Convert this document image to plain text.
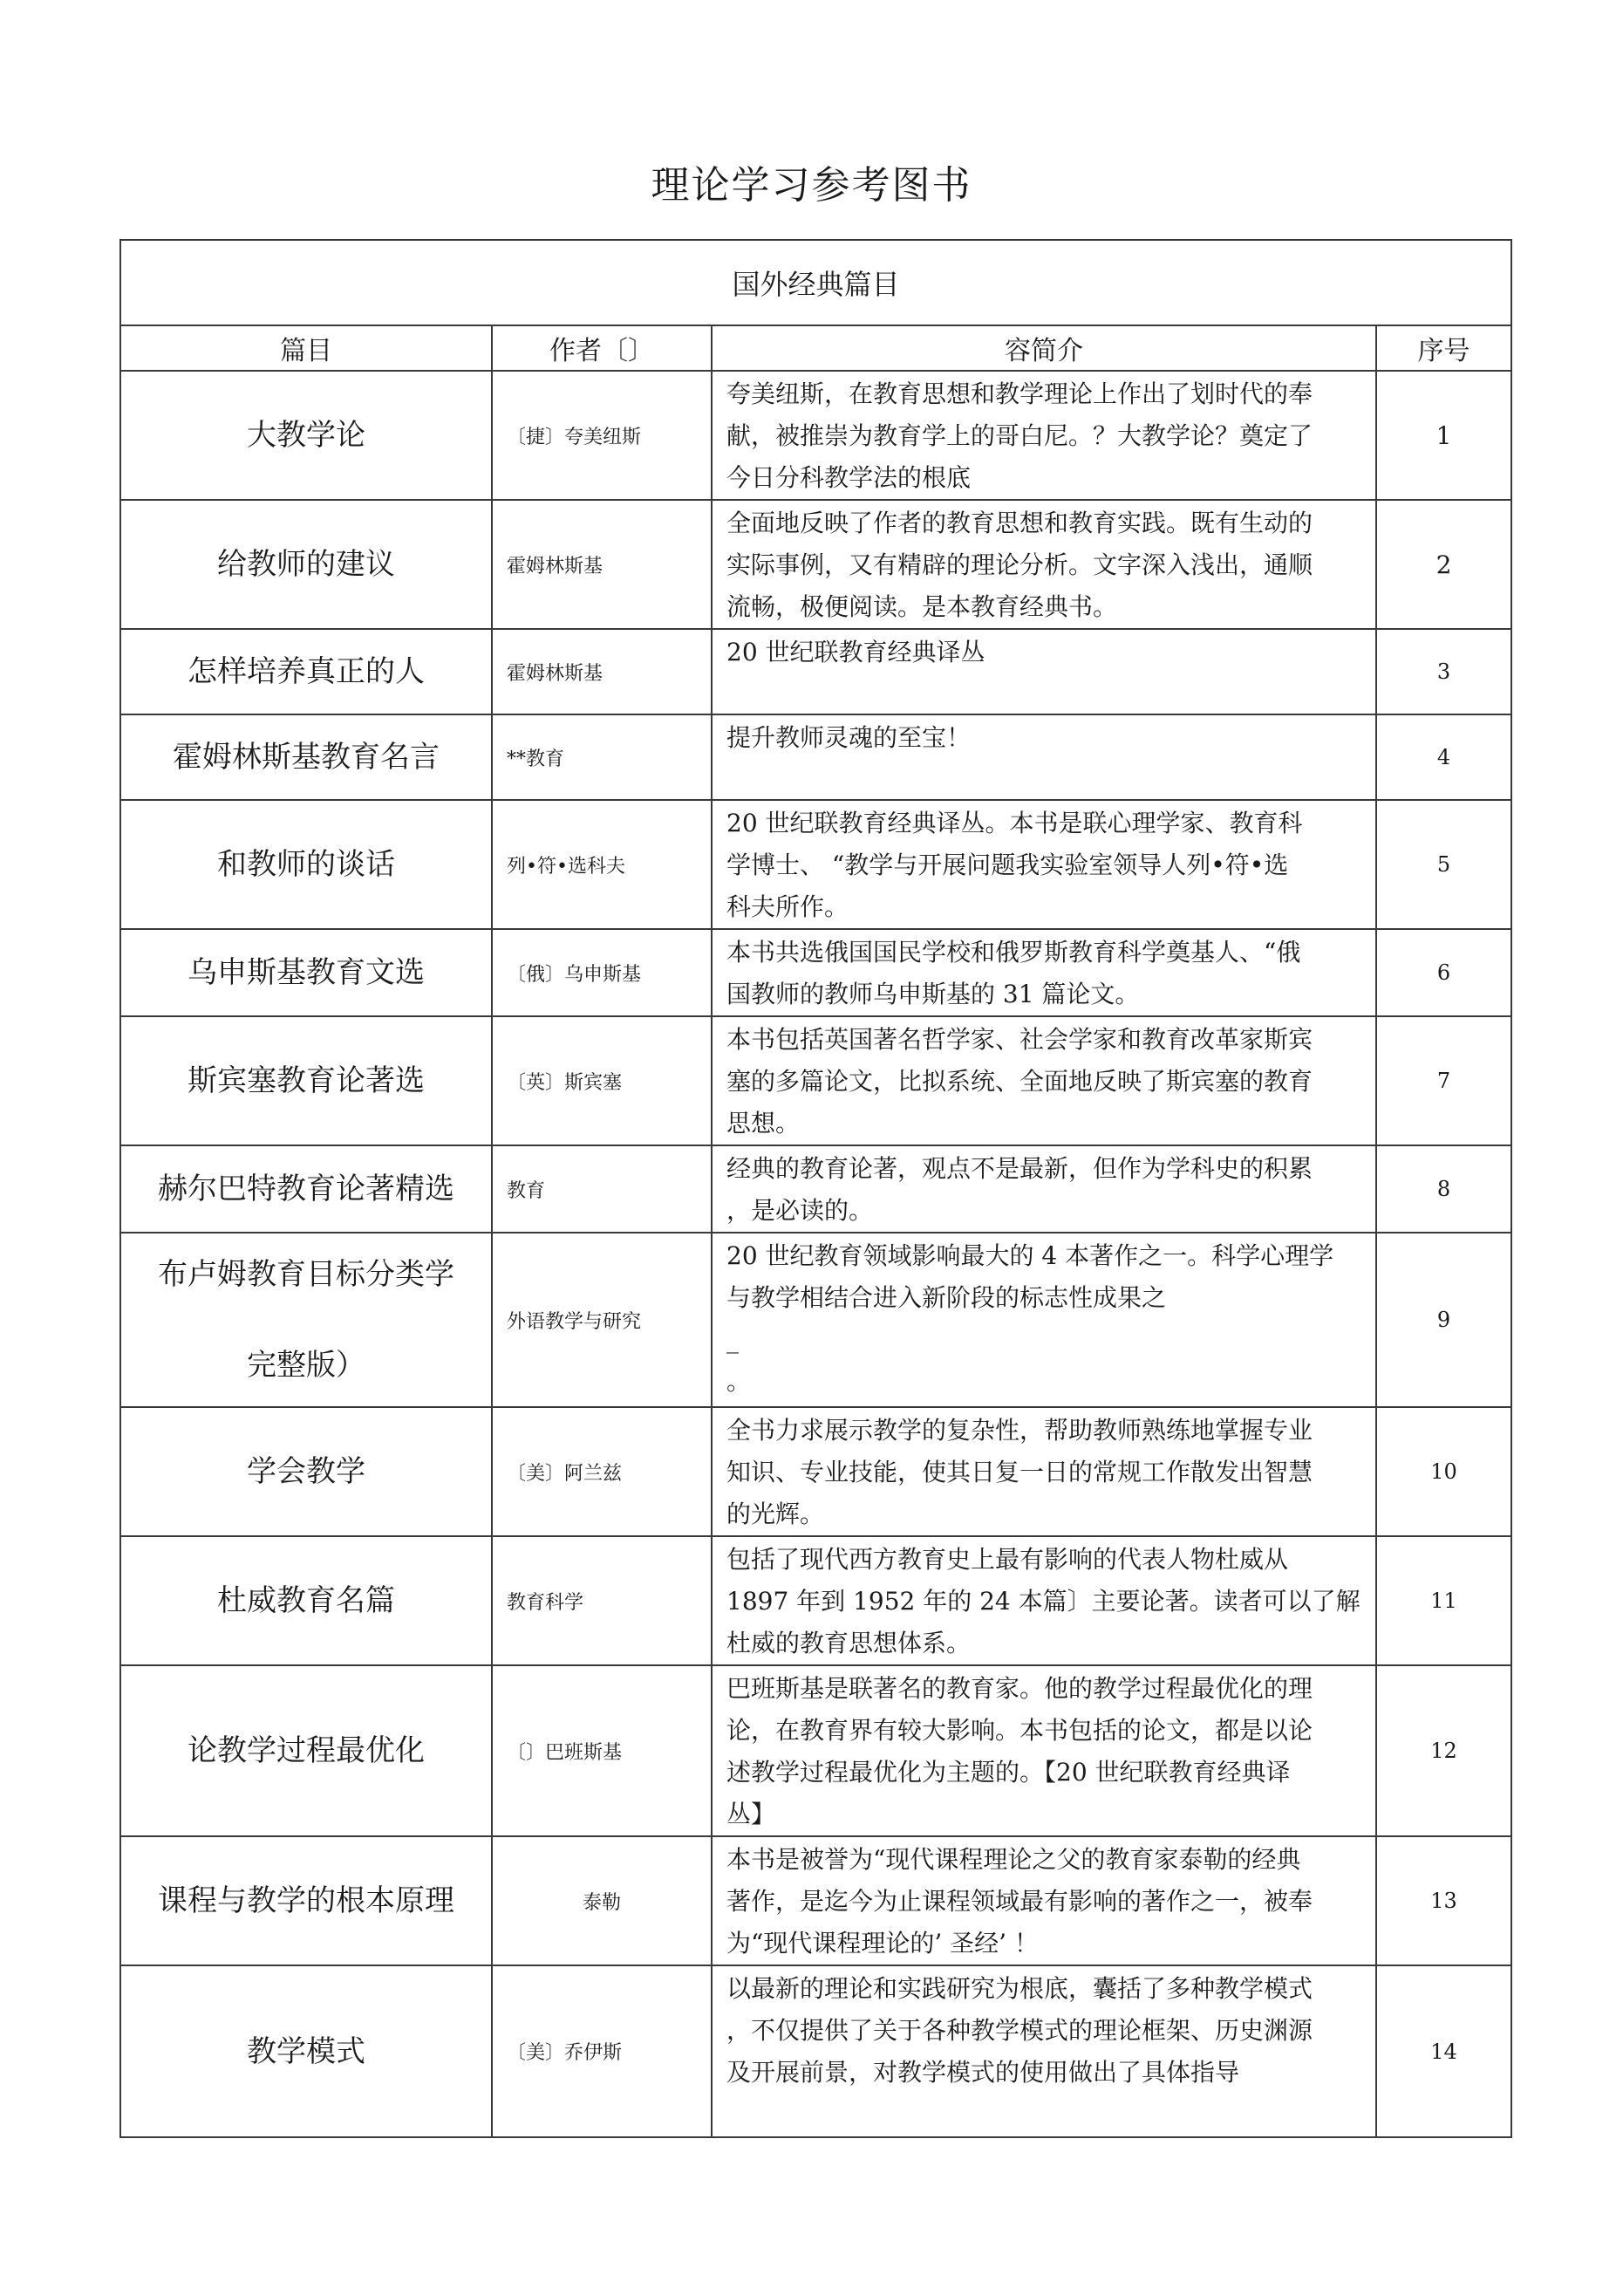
理论学习参考图书
国外经典篇目			
篇目	作者〔〕	容简介	序号
大教学论	〔捷〕夸美纽斯	夸美纽斯，在教育思想和教学理论上作出了划时代的奉
献，被推崇为教育学上的哥白尼。？大教学论？奠定了
今日分科教学法的根底	1
给教师的建议	霍姆林斯基	全面地反映了作者的教育思想和教育实践。既有生动的
实际事例，又有精辟的理论分析。文字深入浅出，通顺
流畅，极便阅读。是本教育经典书。	2
怎样培养真正的人	霍姆林斯基	20 世纪联教育经典译丛	3
霍姆林斯基教育名言	**教育	提升教师灵魂的至宝！	4
和教师的谈话	列•符•选科夫	20 世纪联教育经典译丛。本书是联心理学家、教育科
学博士、 “教学与开展问题我实验室领导人列•符•选
科夫所作。	5
乌申斯基教育文选	〔俄〕乌申斯基	本书共选俄国国民学校和俄罗斯教育科学奠基人、“俄
国教师的教师乌申斯基的 31 篇论文。	6
斯宾塞教育论著选	〔英〕斯宾塞	本书包括英国著名哲学家、社会学家和教育改革家斯宾
塞的多篇论文，比拟系统、全面地反映了斯宾塞的教育
思想。	7
赫尔巴特教育论著精选	教育	经典的教育论著，观点不是最新，但作为学科史的积累
，是必读的。	8
布卢姆教育目标分类学

完整版）	外语教学与研究	20 世纪教育领域影响最大的 4 本著作之一。科学心理学
与教学相结合进入新阶段的标志性成果之
_
。	9
学会教学	〔美〕阿兰兹	全书力求展示教学的复杂性，帮助教师熟练地掌握专业
知识、专业技能，使其日复一日的常规工作散发出智慧
的光辉。	10
杜威教育名篇	教育科学	包括了现代西方教育史上最有影响的代表人物杜威从
1897 年到 1952 年的 24 本篇〕主要论著。读者可以了解
杜威的教育思想体系。	11
论教学过程最优化	〔〕巴班斯基	巴班斯基是联著名的教育家。他的教学过程最优化的理
论，在教育界有较大影响。本书包括的论文，都是以论
述教学过程最优化为主题的。【20 世纪联教育经典译
丛】	12
课程与教学的根本原理	泰勒	本书是被誉为“现代课程理论之父的教育家泰勒的经典
著作，是迄今为止课程领域最有影响的著作之一，被奉
为“现代课程理论的’ 圣经’ ！	13
教学模式	〔美〕乔伊斯	以最新的理论和实践研究为根底，囊括了多种教学模式
，不仅提供了关于各种教学模式的理论框架、历史渊源
及开展前景，对教学模式的使用做出了具体指导	14
